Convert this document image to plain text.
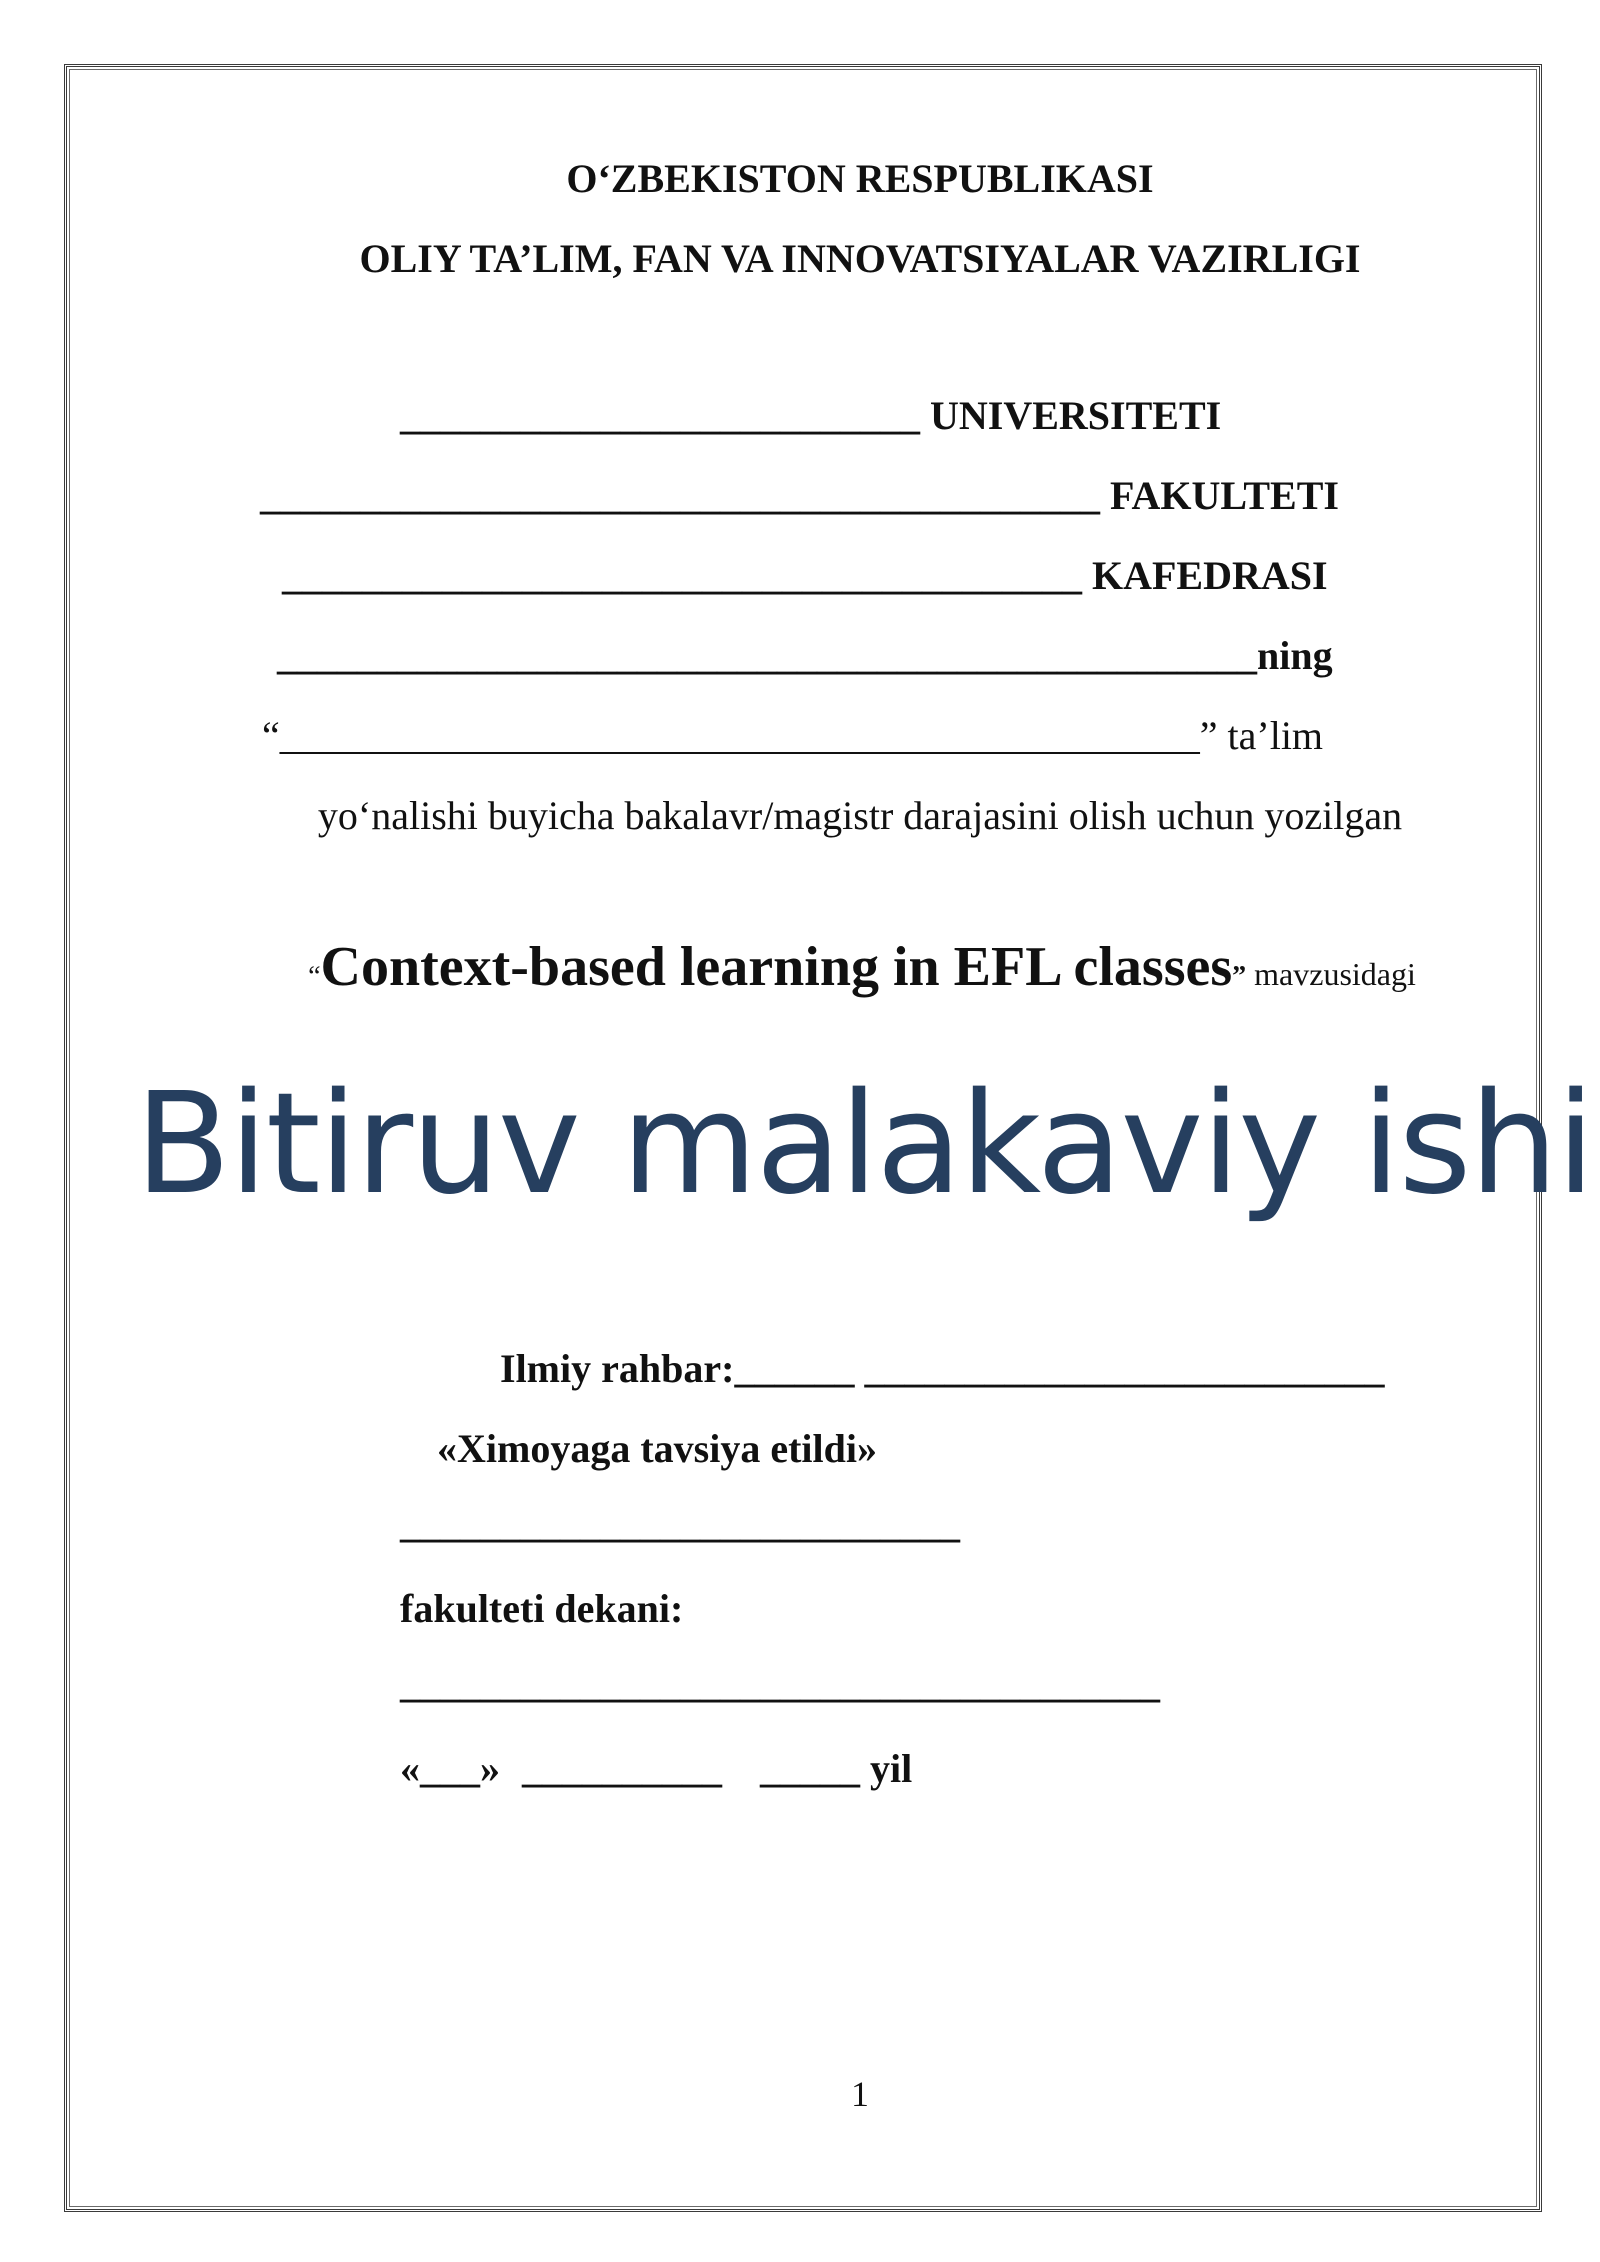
O‘ZBEKISTON RESPUBLIKASI
OLIY TA’LIM, FAN VA INNOVATSIYALAR VAZIRLIGI
__________________________ UNIVERSITETI
__________________________________________ FAKULTETI
________________________________________ KAFEDRASI
_________________________________________________ning
“______________________________________________” ta’lim
yo‘nalishi buyicha bakalavr/magistr darajasini olish uchun yozilgan
“Context-based learning in EFL classes” mavzusidagi
Bitiruv malakaviy ishi
Ilmiy rahbar:______ __________________________
«Ximoyaga tavsiya etildi»
____________________________
fakulteti dekani:
______________________________________
«___» __________ _____ yil
1
